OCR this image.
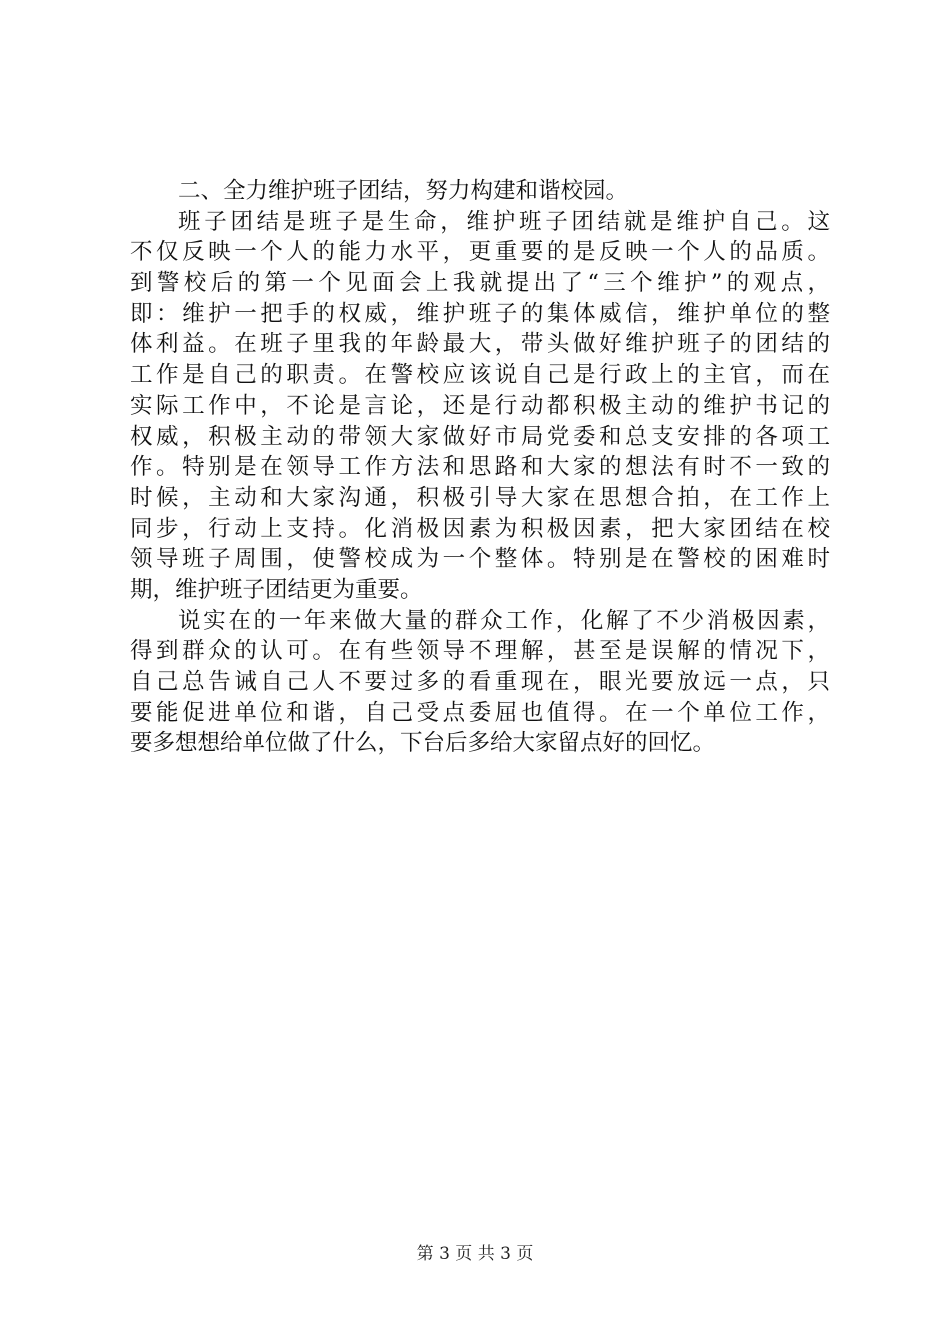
二、全力维护班子团结，努力构建和谐校园。
班子团结是班子是生命，维护班子团结就是维护自己。这
不仅反映一个人的能力水平，更重要的是反映一个人的品质。
到警校后的第一个见面会上我就提出了“三个维护”的观点，
即：维护一把手的权威，维护班子的集体威信，维护单位的整
体利益。在班子里我的年龄最大，带头做好维护班子的团结的
工作是自己的职责。在警校应该说自己是行政上的主官，而在
实际工作中，不论是言论，还是行动都积极主动的维护书记的
权威，积极主动的带领大家做好市局党委和总支安排的各项工
作。特别是在领导工作方法和思路和大家的想法有时不一致的
时候，主动和大家沟通，积极引导大家在思想合拍，在工作上
同步，行动上支持。化消极因素为积极因素，把大家团结在校
领导班子周围，使警校成为一个整体。特别是在警校的困难时
期，维护班子团结更为重要。
说实在的一年来做大量的群众工作，化解了不少消极因素，
得到群众的认可。在有些领导不理解，甚至是误解的情况下，
自己总告诫自己人不要过多的看重现在，眼光要放远一点，只
要能促进单位和谐，自己受点委屈也值得。在一个单位工作，
要多想想给单位做了什么，下台后多给大家留点好的回忆。
第 3 页 共 3 页
